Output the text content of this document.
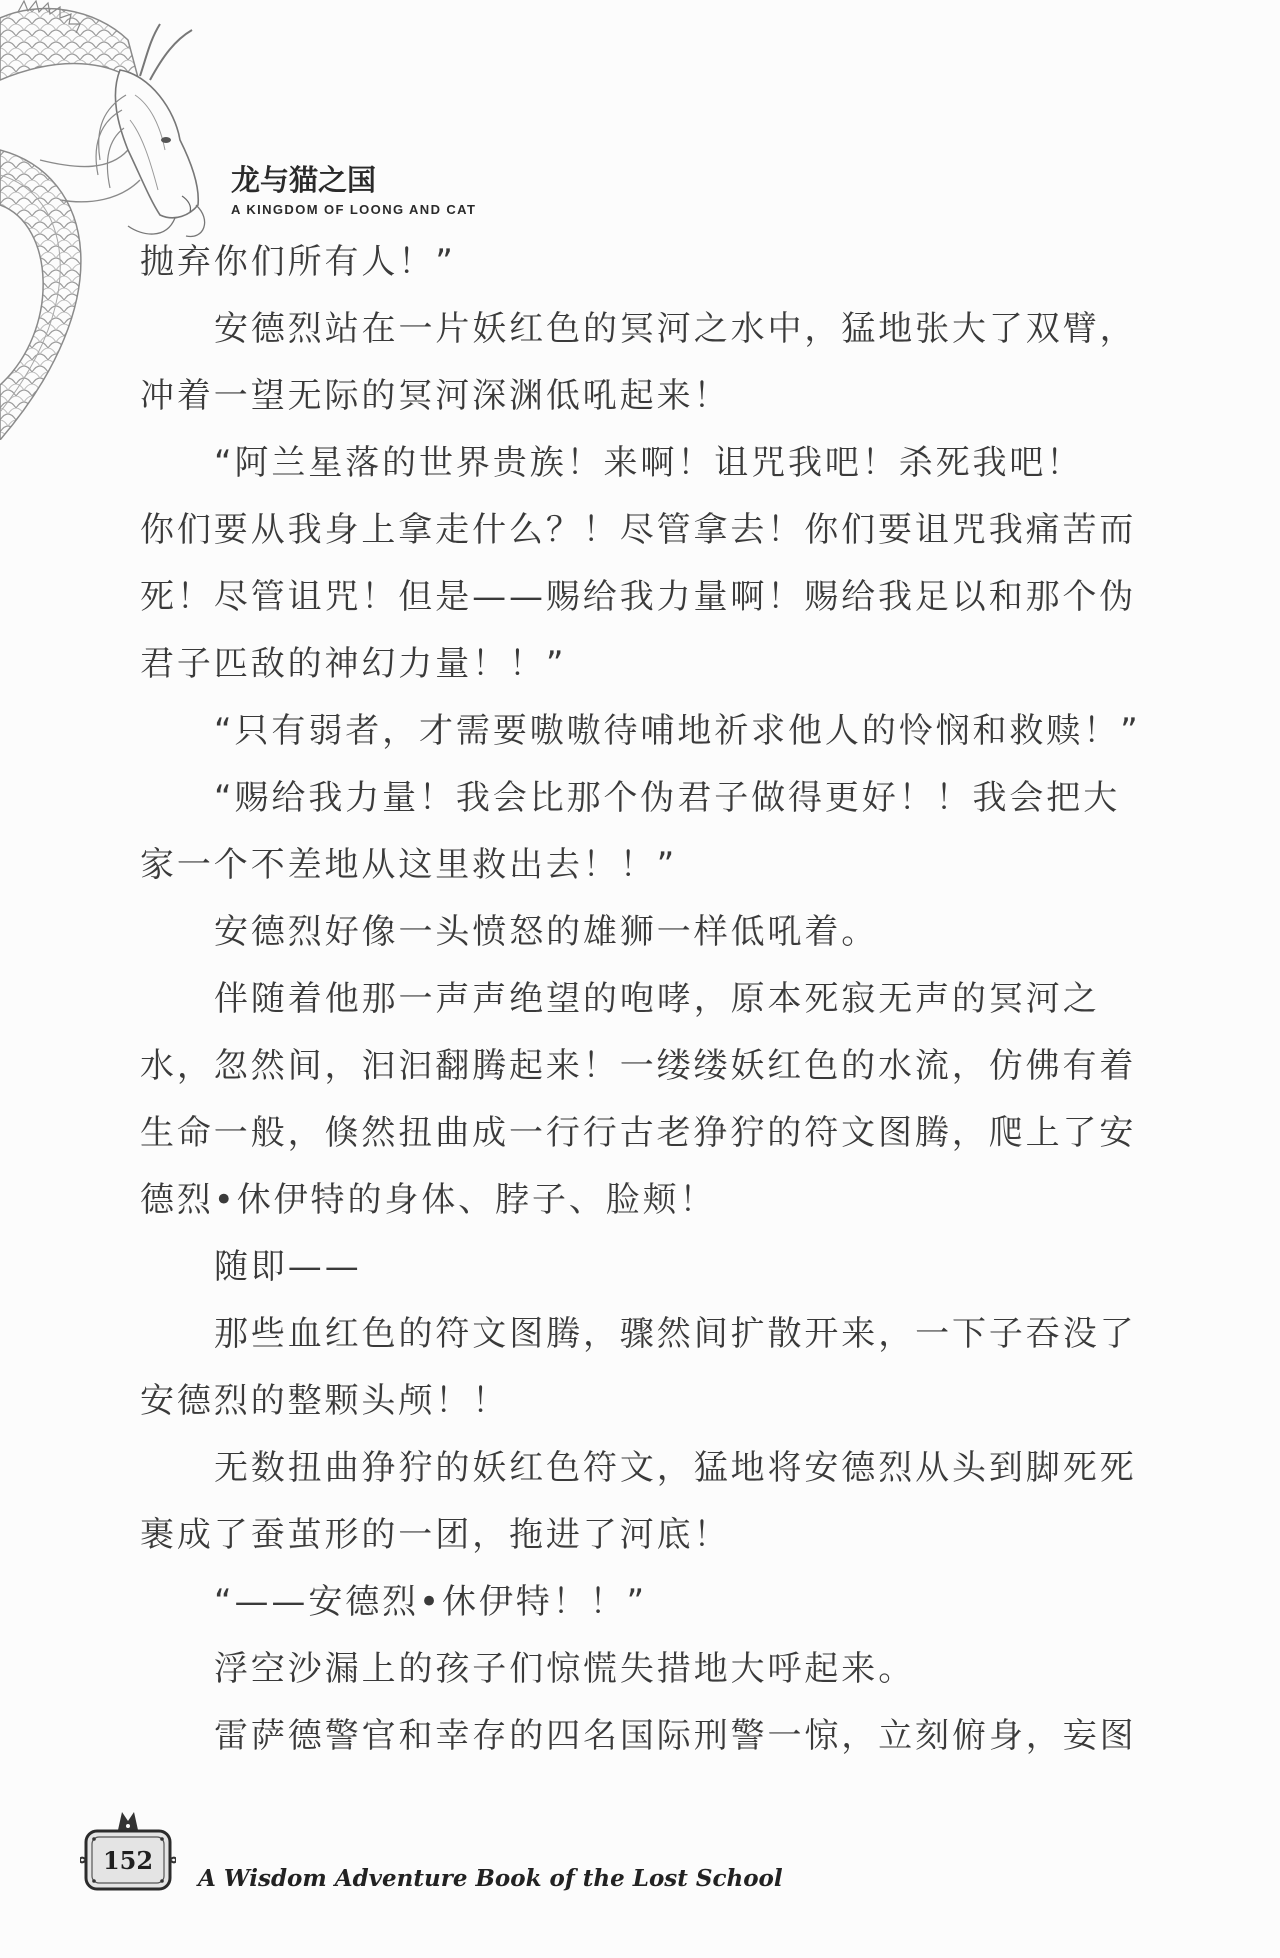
龙与猫之国
A KINGDOM OF LOONG AND CAT
抛弃你们所有人！”
安德烈站在一片妖红色的冥河之水中，猛地张大了双臂，
冲着一望无际的冥河深渊低吼起来！
“阿兰星落的世界贵族！来啊！诅咒我吧！杀死我吧！
你们要从我身上拿走什么？！尽管拿去！你们要诅咒我痛苦而
死！尽管诅咒！但是——赐给我力量啊！赐给我足以和那个伪
君子匹敌的神幻力量！！”
“只有弱者，才需要嗷嗷待哺地祈求他人的怜悯和救赎！”
“赐给我力量！我会比那个伪君子做得更好！！我会把大
家一个不差地从这里救出去！！”
安德烈好像一头愤怒的雄狮一样低吼着。
伴随着他那一声声绝望的咆哮，原本死寂无声的冥河之
水，忽然间，汩汩翻腾起来！一缕缕妖红色的水流，仿佛有着
生命一般，倏然扭曲成一行行古老狰狞的符文图腾，爬上了安
德烈•休伊特的身体、脖子、脸颊！
随即——
那些血红色的符文图腾，骤然间扩散开来，一下子吞没了
安德烈的整颗头颅！！
无数扭曲狰狞的妖红色符文，猛地将安德烈从头到脚死死
裹成了蚕茧形的一团，拖进了河底！
“——安德烈•休伊特！！”
浮空沙漏上的孩子们惊慌失措地大呼起来。
雷萨德警官和幸存的四名国际刑警一惊，立刻俯身，妄图
152
A Wisdom Adventure Book of the Lost School
